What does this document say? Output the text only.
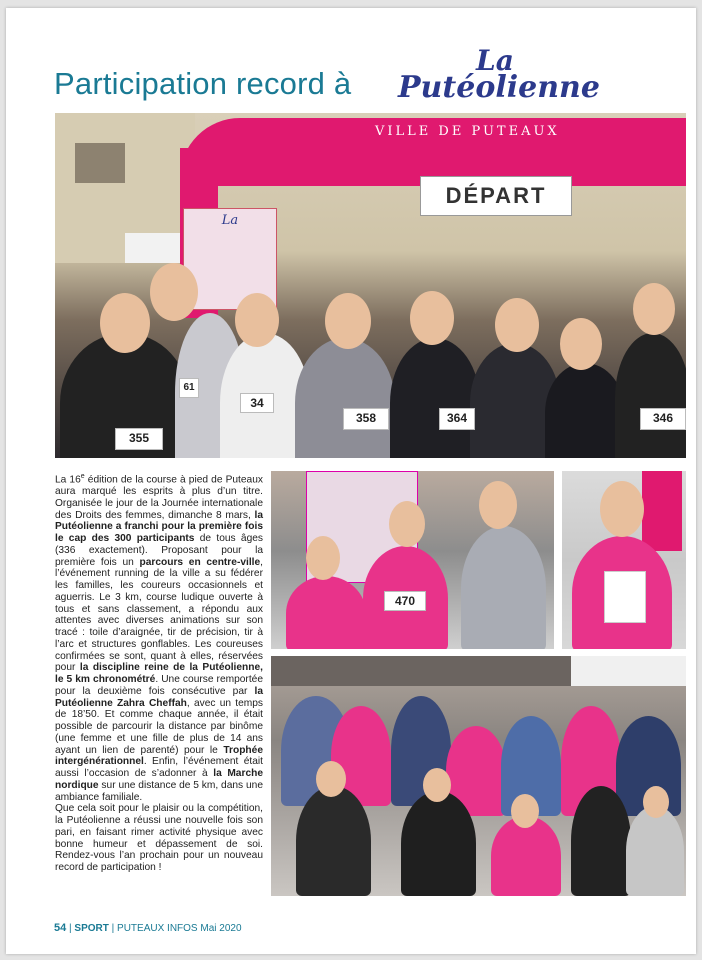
Participation record à
La
Putéolienne
VILLE DE PUTEAUX
DÉPART
La
355
358	364	346
34
61

La 16e édition de la course à pied de Puteaux aura marqué les esprits à plus d’un titre. Organisée le jour de la Journée internationale des Droits des femmes, dimanche 8 mars, la Putéolienne a franchi pour la première fois le cap des 300 participants de tous âges (336 exactement). Proposant pour la première fois un parcours en centre-ville, l’événement running de la ville a su fédérer les familles, les coureurs occasionnels et aguerris. Le 3 km, course ludique ouverte à tous et sans classement, a répondu aux attentes avec diverses animations sur son tracé : toile d’araignée, tir de précision, tir à l’arc et structures gonflables. Les coureuses confirmées se sont, quant à elles, réservées pour la discipline reine de la Putéolienne, le 5 km chronométré. Une course remportée pour la deuxième fois consécutive par la Putéolienne Zahra Cheffah, avec un temps de 18’50. Et comme chaque année, il était possible de parcourir la distance par binôme (une femme et une fille de plus de 14 ans ayant un lien de parenté) pour le Trophée intergénérationnel. Enfin, l’événement était aussi l’occasion de s’adonner à la Marche nordique sur une distance de 5 km, dans une ambiance familiale.

Que cela soit pour le plaisir ou la compétition, la Putéolienne a réussi une nouvelle fois son pari, en faisant rimer activité physique avec bonne humeur et dépassement de soi. Rendez-vous l’an prochain pour un nouveau record de participation !

470
54 | SPORT | PUTEAUX INFOS Mai 2020
